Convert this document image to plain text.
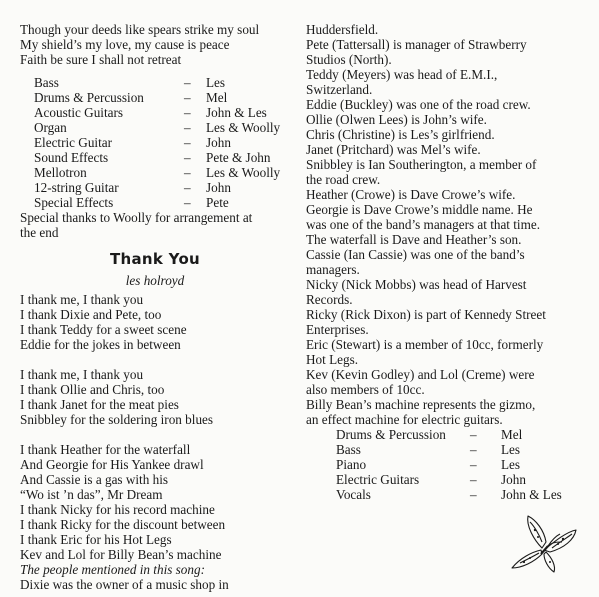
Though your deeds like spears strike my soul
My shield’s my love, my cause is peace
Faith be sure I shall not retreat
Bass	–	Les
Drums & Percussion	–	Mel
Acoustic Guitars	–	John & Les
Organ	–	Les & Woolly
Electric Guitar	–	John
Sound Effects	–	Pete & John
Mellotron	–	Les & Woolly
12-string Guitar	–	John
Special Effects	–	Pete
Special thanks to Woolly for arrangement at
the end
Thank You
les holroyd
I thank me, I thank you
I thank Dixie and Pete, too
I thank Teddy for a sweet scene
Eddie for the jokes in between
I thank me, I thank you
I thank Ollie and Chris, too
I thank Janet for the meat pies
Snibbley for the soldering iron blues
I thank Heather for the waterfall
And Georgie for His Yankee drawl
And Cassie is a gas with his
“Wo ist ’n das”, Mr Dream
I thank Nicky for his record machine
I thank Ricky for the discount between
I thank Eric for his Hot Legs
Kev and Lol for Billy Bean’s machine
The people mentioned in this song:
Dixie was the owner of a music shop in
Huddersfield.
Pete (Tattersall) is manager of Strawberry
Studios (North).
Teddy (Meyers) was head of E.M.I.,
Switzerland.
Eddie (Buckley) was one of the road crew.
Ollie (Olwen Lees) is John’s wife.
Chris (Christine) is Les’s girlfriend.
Janet (Pritchard) was Mel’s wife.
Snibbley is Ian Southerington, a member of
the road crew.
Heather (Crowe) is Dave Crowe’s wife.
Georgie is Dave Crowe’s middle name. He
was one of the band’s managers at that time.
The waterfall is Dave and Heather’s son.
Cassie (Ian Cassie) was one of the band’s
managers.
Nicky (Nick Mobbs) was head of Harvest
Records.
Ricky (Rick Dixon) is part of Kennedy Street
Enterprises.
Eric (Stewart) is a member of 10cc, formerly
Hot Legs.
Kev (Kevin Godley) and Lol (Creme) were
also members of 10cc.
Billy Bean’s machine represents the gizmo,
an effect machine for electric guitars.
Drums & Percussion	–	Mel
Bass	–	Les
Piano	–	Les
Electric Guitars	–	John
Vocals	–	John & Les
